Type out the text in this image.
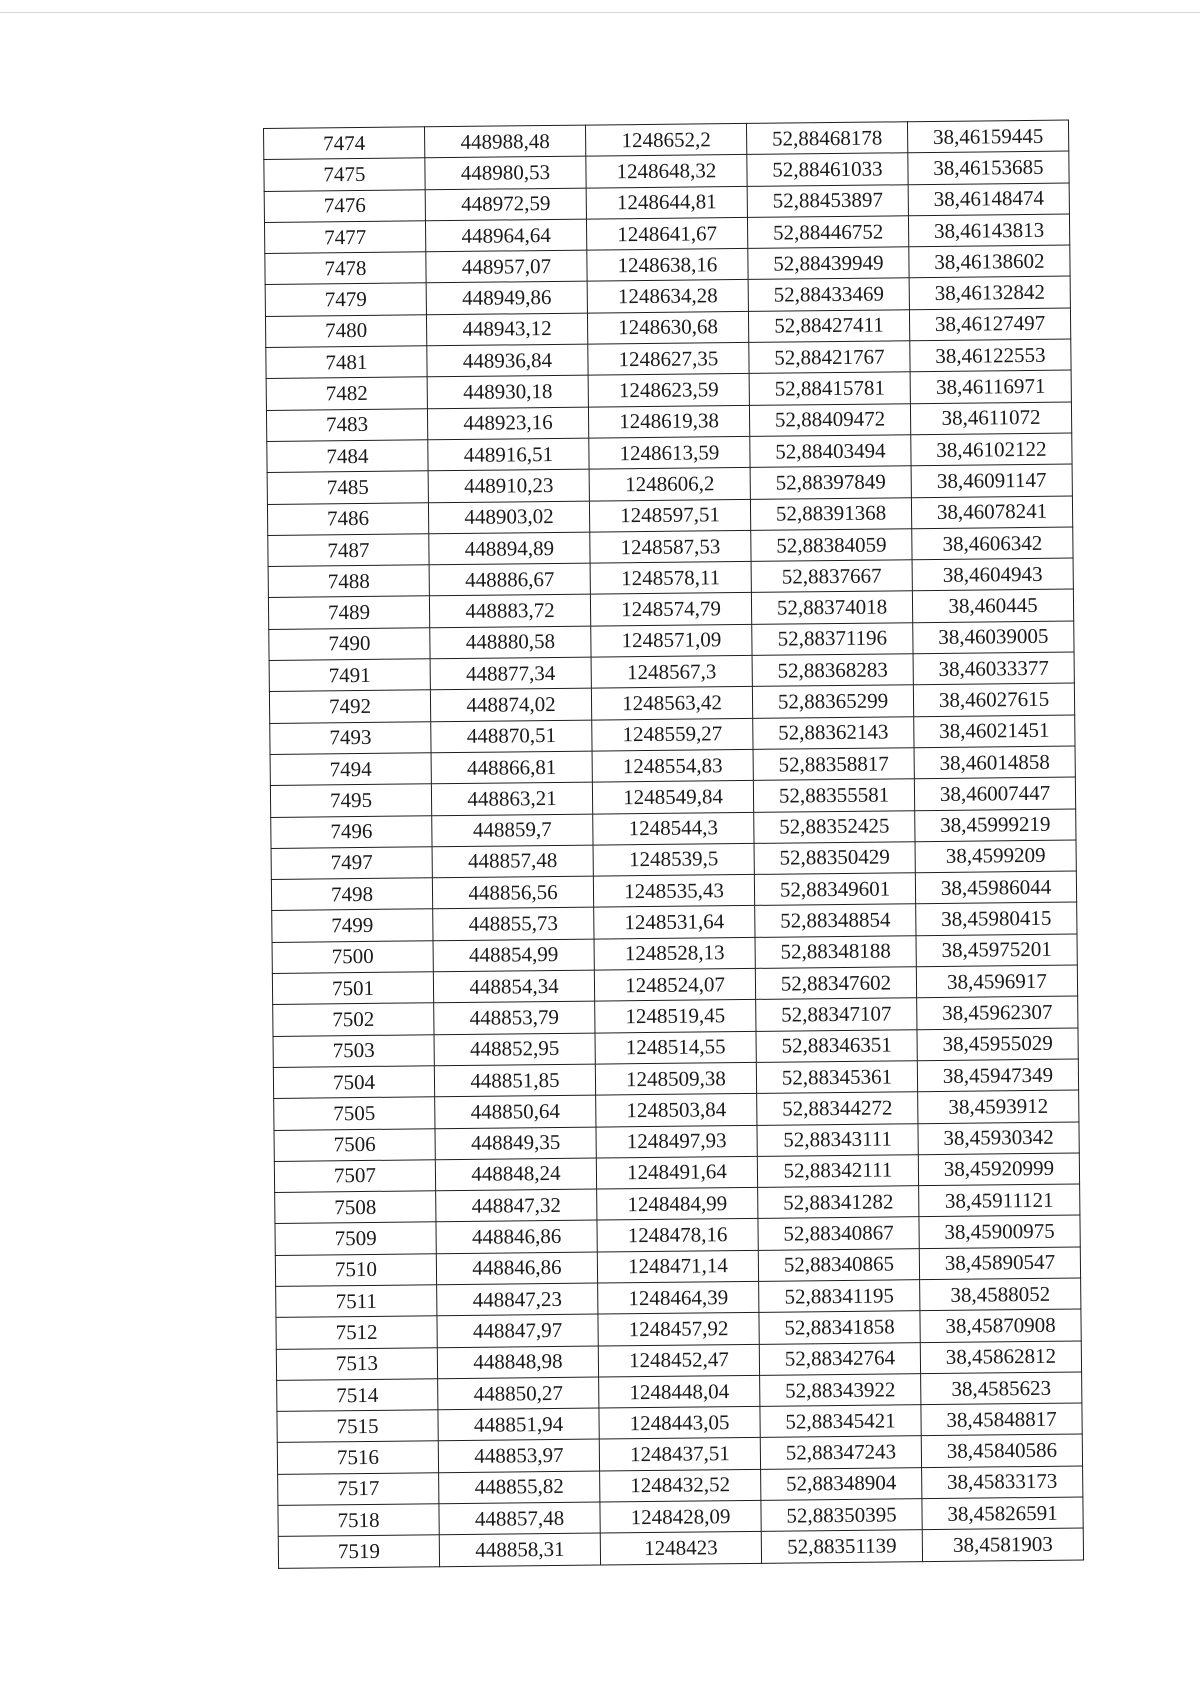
7474	448988,48	1248652,2	52,88468178	38,46159445
7475	448980,53	1248648,32	52,88461033	38,46153685
7476	448972,59	1248644,81	52,88453897	38,46148474
7477	448964,64	1248641,67	52,88446752	38,46143813
7478	448957,07	1248638,16	52,88439949	38,46138602
7479	448949,86	1248634,28	52,88433469	38,46132842
7480	448943,12	1248630,68	52,88427411	38,46127497
7481	448936,84	1248627,35	52,88421767	38,46122553
7482	448930,18	1248623,59	52,88415781	38,46116971
7483	448923,16	1248619,38	52,88409472	38,4611072
7484	448916,51	1248613,59	52,88403494	38,46102122
7485	448910,23	1248606,2	52,88397849	38,46091147
7486	448903,02	1248597,51	52,88391368	38,46078241
7487	448894,89	1248587,53	52,88384059	38,4606342
7488	448886,67	1248578,11	52,8837667	38,4604943
7489	448883,72	1248574,79	52,88374018	38,460445
7490	448880,58	1248571,09	52,88371196	38,46039005
7491	448877,34	1248567,3	52,88368283	38,46033377
7492	448874,02	1248563,42	52,88365299	38,46027615
7493	448870,51	1248559,27	52,88362143	38,46021451
7494	448866,81	1248554,83	52,88358817	38,46014858
7495	448863,21	1248549,84	52,88355581	38,46007447
7496	448859,7	1248544,3	52,88352425	38,45999219
7497	448857,48	1248539,5	52,88350429	38,4599209
7498	448856,56	1248535,43	52,88349601	38,45986044
7499	448855,73	1248531,64	52,88348854	38,45980415
7500	448854,99	1248528,13	52,88348188	38,45975201
7501	448854,34	1248524,07	52,88347602	38,4596917
7502	448853,79	1248519,45	52,88347107	38,45962307
7503	448852,95	1248514,55	52,88346351	38,45955029
7504	448851,85	1248509,38	52,88345361	38,45947349
7505	448850,64	1248503,84	52,88344272	38,4593912
7506	448849,35	1248497,93	52,88343111	38,45930342
7507	448848,24	1248491,64	52,88342111	38,45920999
7508	448847,32	1248484,99	52,88341282	38,45911121
7509	448846,86	1248478,16	52,88340867	38,45900975
7510	448846,86	1248471,14	52,88340865	38,45890547
7511	448847,23	1248464,39	52,88341195	38,4588052
7512	448847,97	1248457,92	52,88341858	38,45870908
7513	448848,98	1248452,47	52,88342764	38,45862812
7514	448850,27	1248448,04	52,88343922	38,4585623
7515	448851,94	1248443,05	52,88345421	38,45848817
7516	448853,97	1248437,51	52,88347243	38,45840586
7517	448855,82	1248432,52	52,88348904	38,45833173
7518	448857,48	1248428,09	52,88350395	38,45826591
7519	448858,31	1248423	52,88351139	38,4581903
